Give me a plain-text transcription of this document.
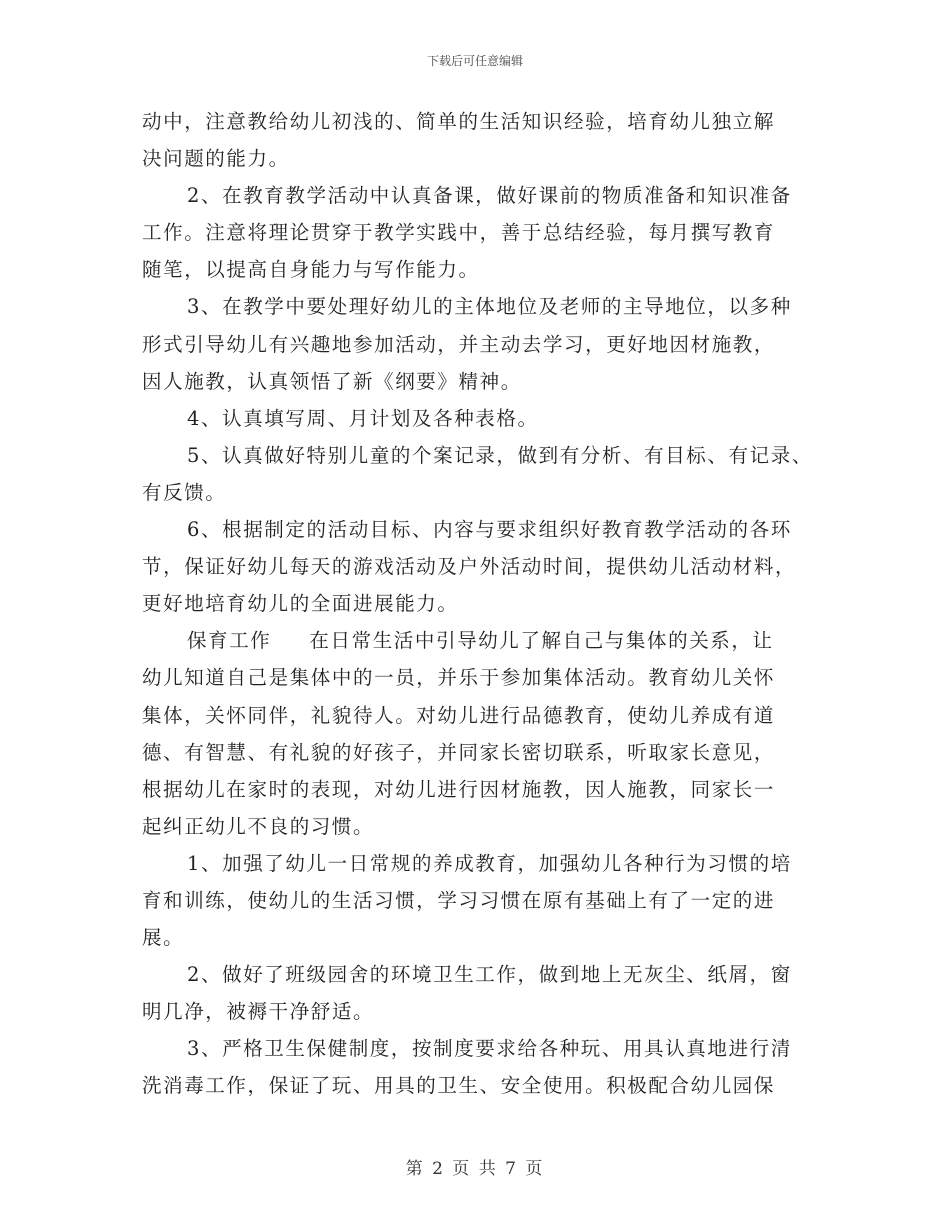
下载后可任意编辑
动中，注意教给幼儿初浅的、简单的生活知识经验，培育幼儿独立解
决问题的能力。
2、在教育教学活动中认真备课，做好课前的物质准备和知识准备
工作。注意将理论贯穿于教学实践中，善于总结经验，每月撰写教育
随笔，以提高自身能力与写作能力。
3、在教学中要处理好幼儿的主体地位及老师的主导地位，以多种
形式引导幼儿有兴趣地参加活动，并主动去学习，更好地因材施教，
因人施教，认真领悟了新《纲要》精神。
4、认真填写周、月计划及各种表格。
5、认真做好特别儿童的个案记录，做到有分析、有目标、有记录、
有反馈。
6、根据制定的活动目标、内容与要求组织好教育教学活动的各环
节，保证好幼儿每天的游戏活动及户外活动时间，提供幼儿活动材料，
更好地培育幼儿的全面进展能力。
保育工作 在日常生活中引导幼儿了解自己与集体的关系，让
幼儿知道自己是集体中的一员，并乐于参加集体活动。教育幼儿关怀
集体，关怀同伴，礼貌待人。对幼儿进行品德教育，使幼儿养成有道
德、有智慧、有礼貌的好孩子，并同家长密切联系，听取家长意见，
根据幼儿在家时的表现，对幼儿进行因材施教，因人施教，同家长一
起纠正幼儿不良的习惯。
1、加强了幼儿一日常规的养成教育，加强幼儿各种行为习惯的培
育和训练，使幼儿的生活习惯，学习习惯在原有基础上有了一定的进
展。
2、做好了班级园舍的环境卫生工作，做到地上无灰尘、纸屑，窗
明几净，被褥干净舒适。
3、严格卫生保健制度，按制度要求给各种玩、用具认真地进行清
洗消毒工作，保证了玩、用具的卫生、安全使用。积极配合幼儿园保
第 2 页 共 7 页
